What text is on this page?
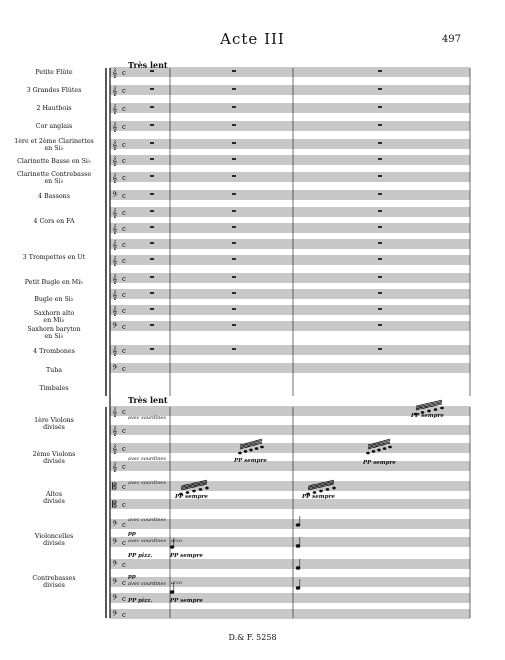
Acte III	497
Très lent
Très lent
Petite Flûte
3 Grandes Flûtes
2 Hautbois
Cor anglais
1ère et 2ème Clarinettes
en Si♭
Clarinette Basse en Si♭
Clarinette Contrebasse
en Si♭
4 Bassons
4 Cors en FA
3 Trompettes en Ut
Petit Bugle en Mi♭
Bugle en Si♭
Saxhorn alto
en Mi♭
Saxhorn baryton
en Si♭
4 Trombones
Tuba
Timbales
1ère Violons
divisés
2ème Violons
divisés
Altos
divisés
Violoncelles
divisés
Contrebasses
divisés
𝄞 c
𝄞 c
𝄞 c
𝄞 c
𝄞 c
𝄞 c
𝄞 c
𝄢 c
𝄞 c
𝄞 c
𝄞 c
𝄞 c
𝄞 c
𝄞 c
𝄞 c
𝄢 c
𝄞 c
𝄢 c
𝄞 c
𝄞 c
𝄞 c
𝄞 c
𝄡 c
𝄡 c
𝄢 c
𝄢 c
𝄢 c
𝄢 c
𝄢 c
𝄢 c
avec sourdines
avec sourdines
avec sourdines
avec sourdines
avec sourdines
avec sourdines
arco
arco
PP sempre
PP sempre	PP sempre
PP sempre	PP sempre
pp
PP pizz.	PP sempre
pp
PP pizz.	PP sempre
D.& F. 5258
